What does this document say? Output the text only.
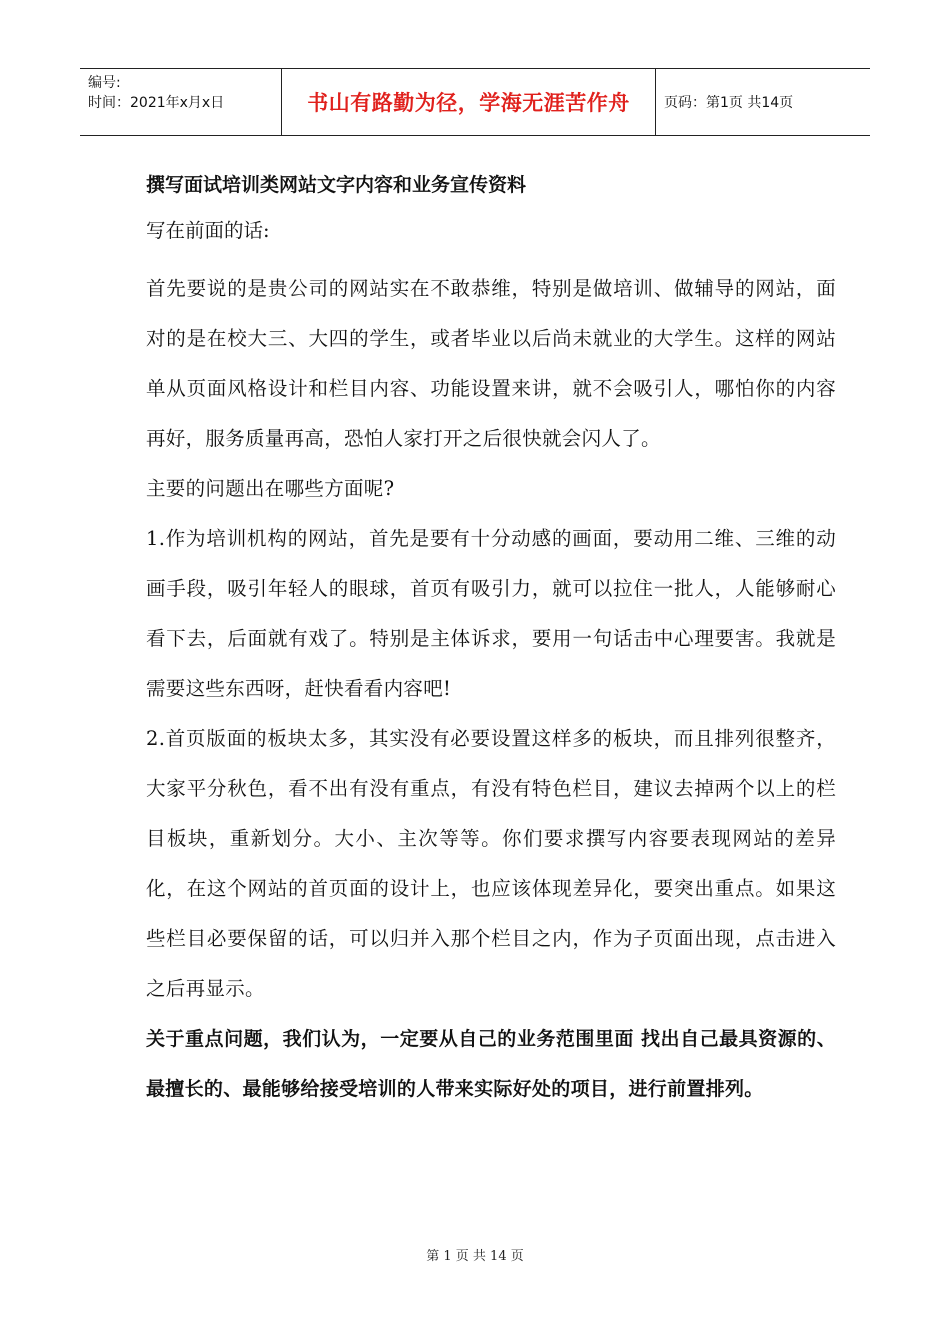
编号:
时间：2021年x月x日	书山有路勤为径，学海无涯苦作舟 页码：第1页 共14页
撰写面试培训类网站文字内容和业务宣传资料

写在前面的话:

首先要说的是贵公司的网站实在不敢恭维，特别是做培训、做辅导的网站，面对的是在校大三、大四的学生，或者毕业以后尚未就业的大学生。这样的网站单从页面风格设计和栏目内容、功能设置来讲，就不会吸引人，哪怕你的内容再好，服务质量再高，恐怕人家打开之后很快就会闪人了。

主要的问题出在哪些方面呢?

1.作为培训机构的网站，首先是要有十分动感的画面，要动用二维、三维的动画手段，吸引年轻人的眼球，首页有吸引力，就可以拉住一批人，人能够耐心看下去，后面就有戏了。特别是主体诉求，要用一句话击中心理要害。我就是需要这些东西呀，赶快看看内容吧!

2.首页版面的板块太多，其实没有必要设置这样多的板块，而且排列很整齐，大家平分秋色，看不出有没有重点，有没有特色栏目，建议去掉两个以上的栏目板块，重新划分。大小、主次等等。你们要求撰写内容要表现网站的差异化，在这个网站的首页面的设计上，也应该体现差异化，要突出重点。如果这些栏目必要保留的话，可以归并入那个栏目之内，作为子页面出现，点击进入之后再显示。

关于重点问题，我们认为，一定要从自己的业务范围里面 找出自己最具资源的、最擅长的、最能够给接受培训的人带来实际好处的项目，进行前置排列。

第 1 页 共 14 页
